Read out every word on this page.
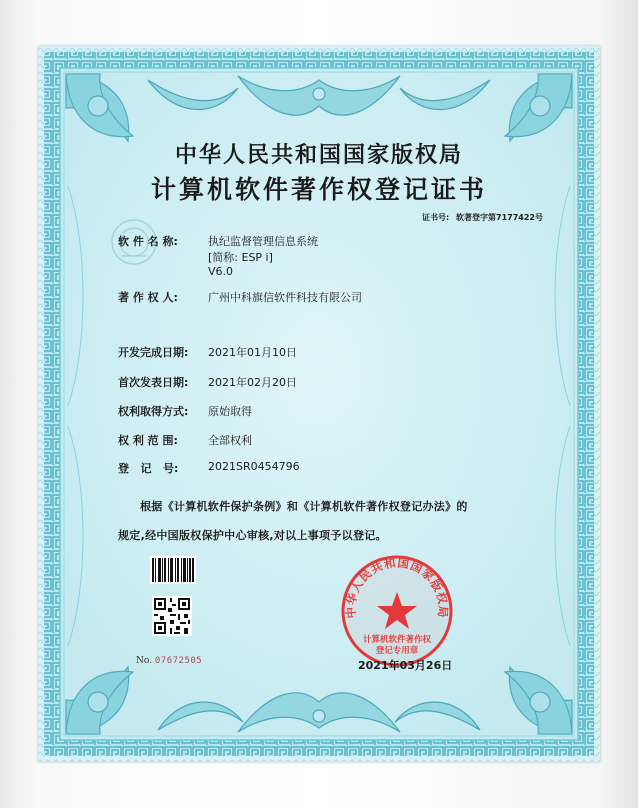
中华人民共和国国家版权局
计算机软件著作权登记证书
证书号: 软著登字第7177422号
软 件 名 称:	执纪监督管理信息系统
[简称: ESP i]
V6.0
著 作 权 人:	广州中科旗信软件科技有限公司
开发完成日期: 2021年01月10日
首次发表日期: 2021年02月20日
权利取得方式: 原始取得
权 利 范 围:	全部权利
登   记   号:	2021SR0454796
根据《计算机软件保护条例》和《计算机软件著作权登记办法》的
规定,经中国版权保护中心审核,对以上事项予以登记。
No. 07672505
中华人民共和国国家版权局
计算机软件著作权
登记专用章
2021年03月26日
